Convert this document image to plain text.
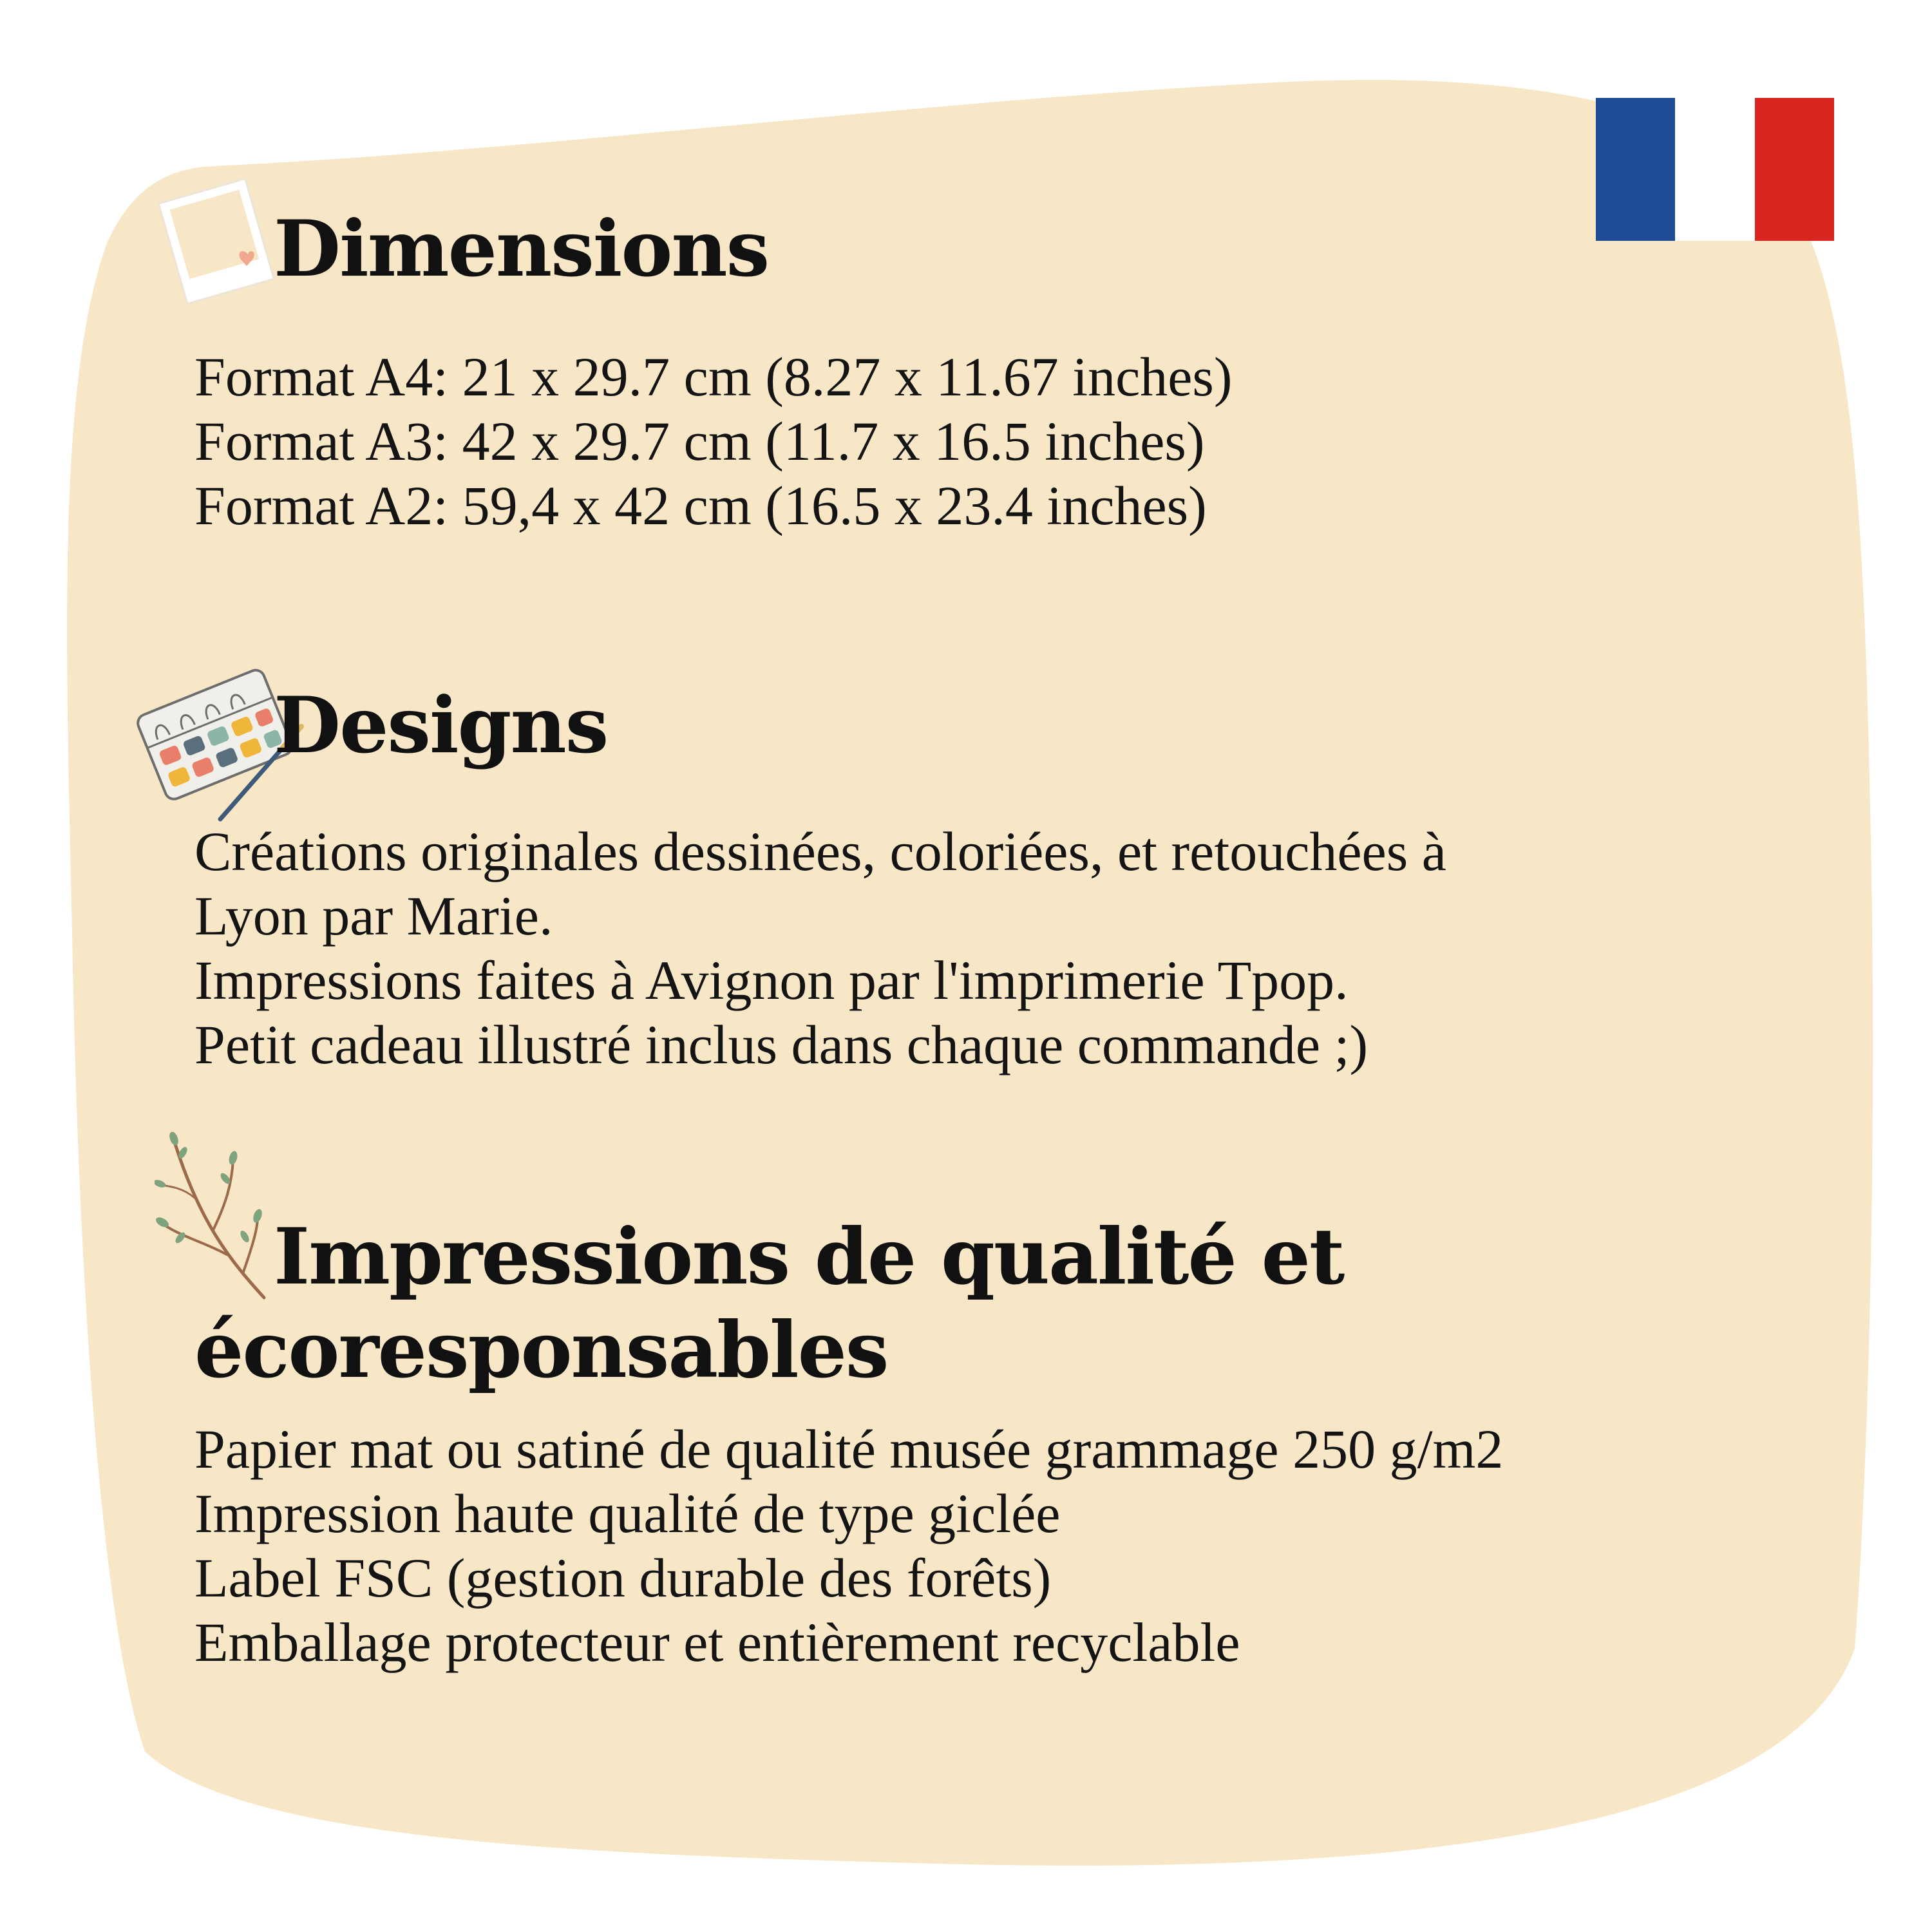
Dimensions
Format A4: 21 x 29.7 cm (8.27 x 11.67 inches)
Format A3: 42 x 29.7 cm (11.7 x 16.5 inches)
Format A2: 59,4 x 42 cm (16.5 x 23.4 inches)
Designs
Créations originales dessinées, coloriées, et retouchées à
Lyon par Marie.
Impressions faites à Avignon par l'imprimerie Tpop.
Petit cadeau illustré inclus dans chaque commande ;)
Impressions de qualité et
écoresponsables
Papier mat ou satiné de qualité musée grammage 250 g/m2
Impression haute qualité de type giclée
Label FSC (gestion durable des forêts)
Emballage protecteur et entièrement recyclable
